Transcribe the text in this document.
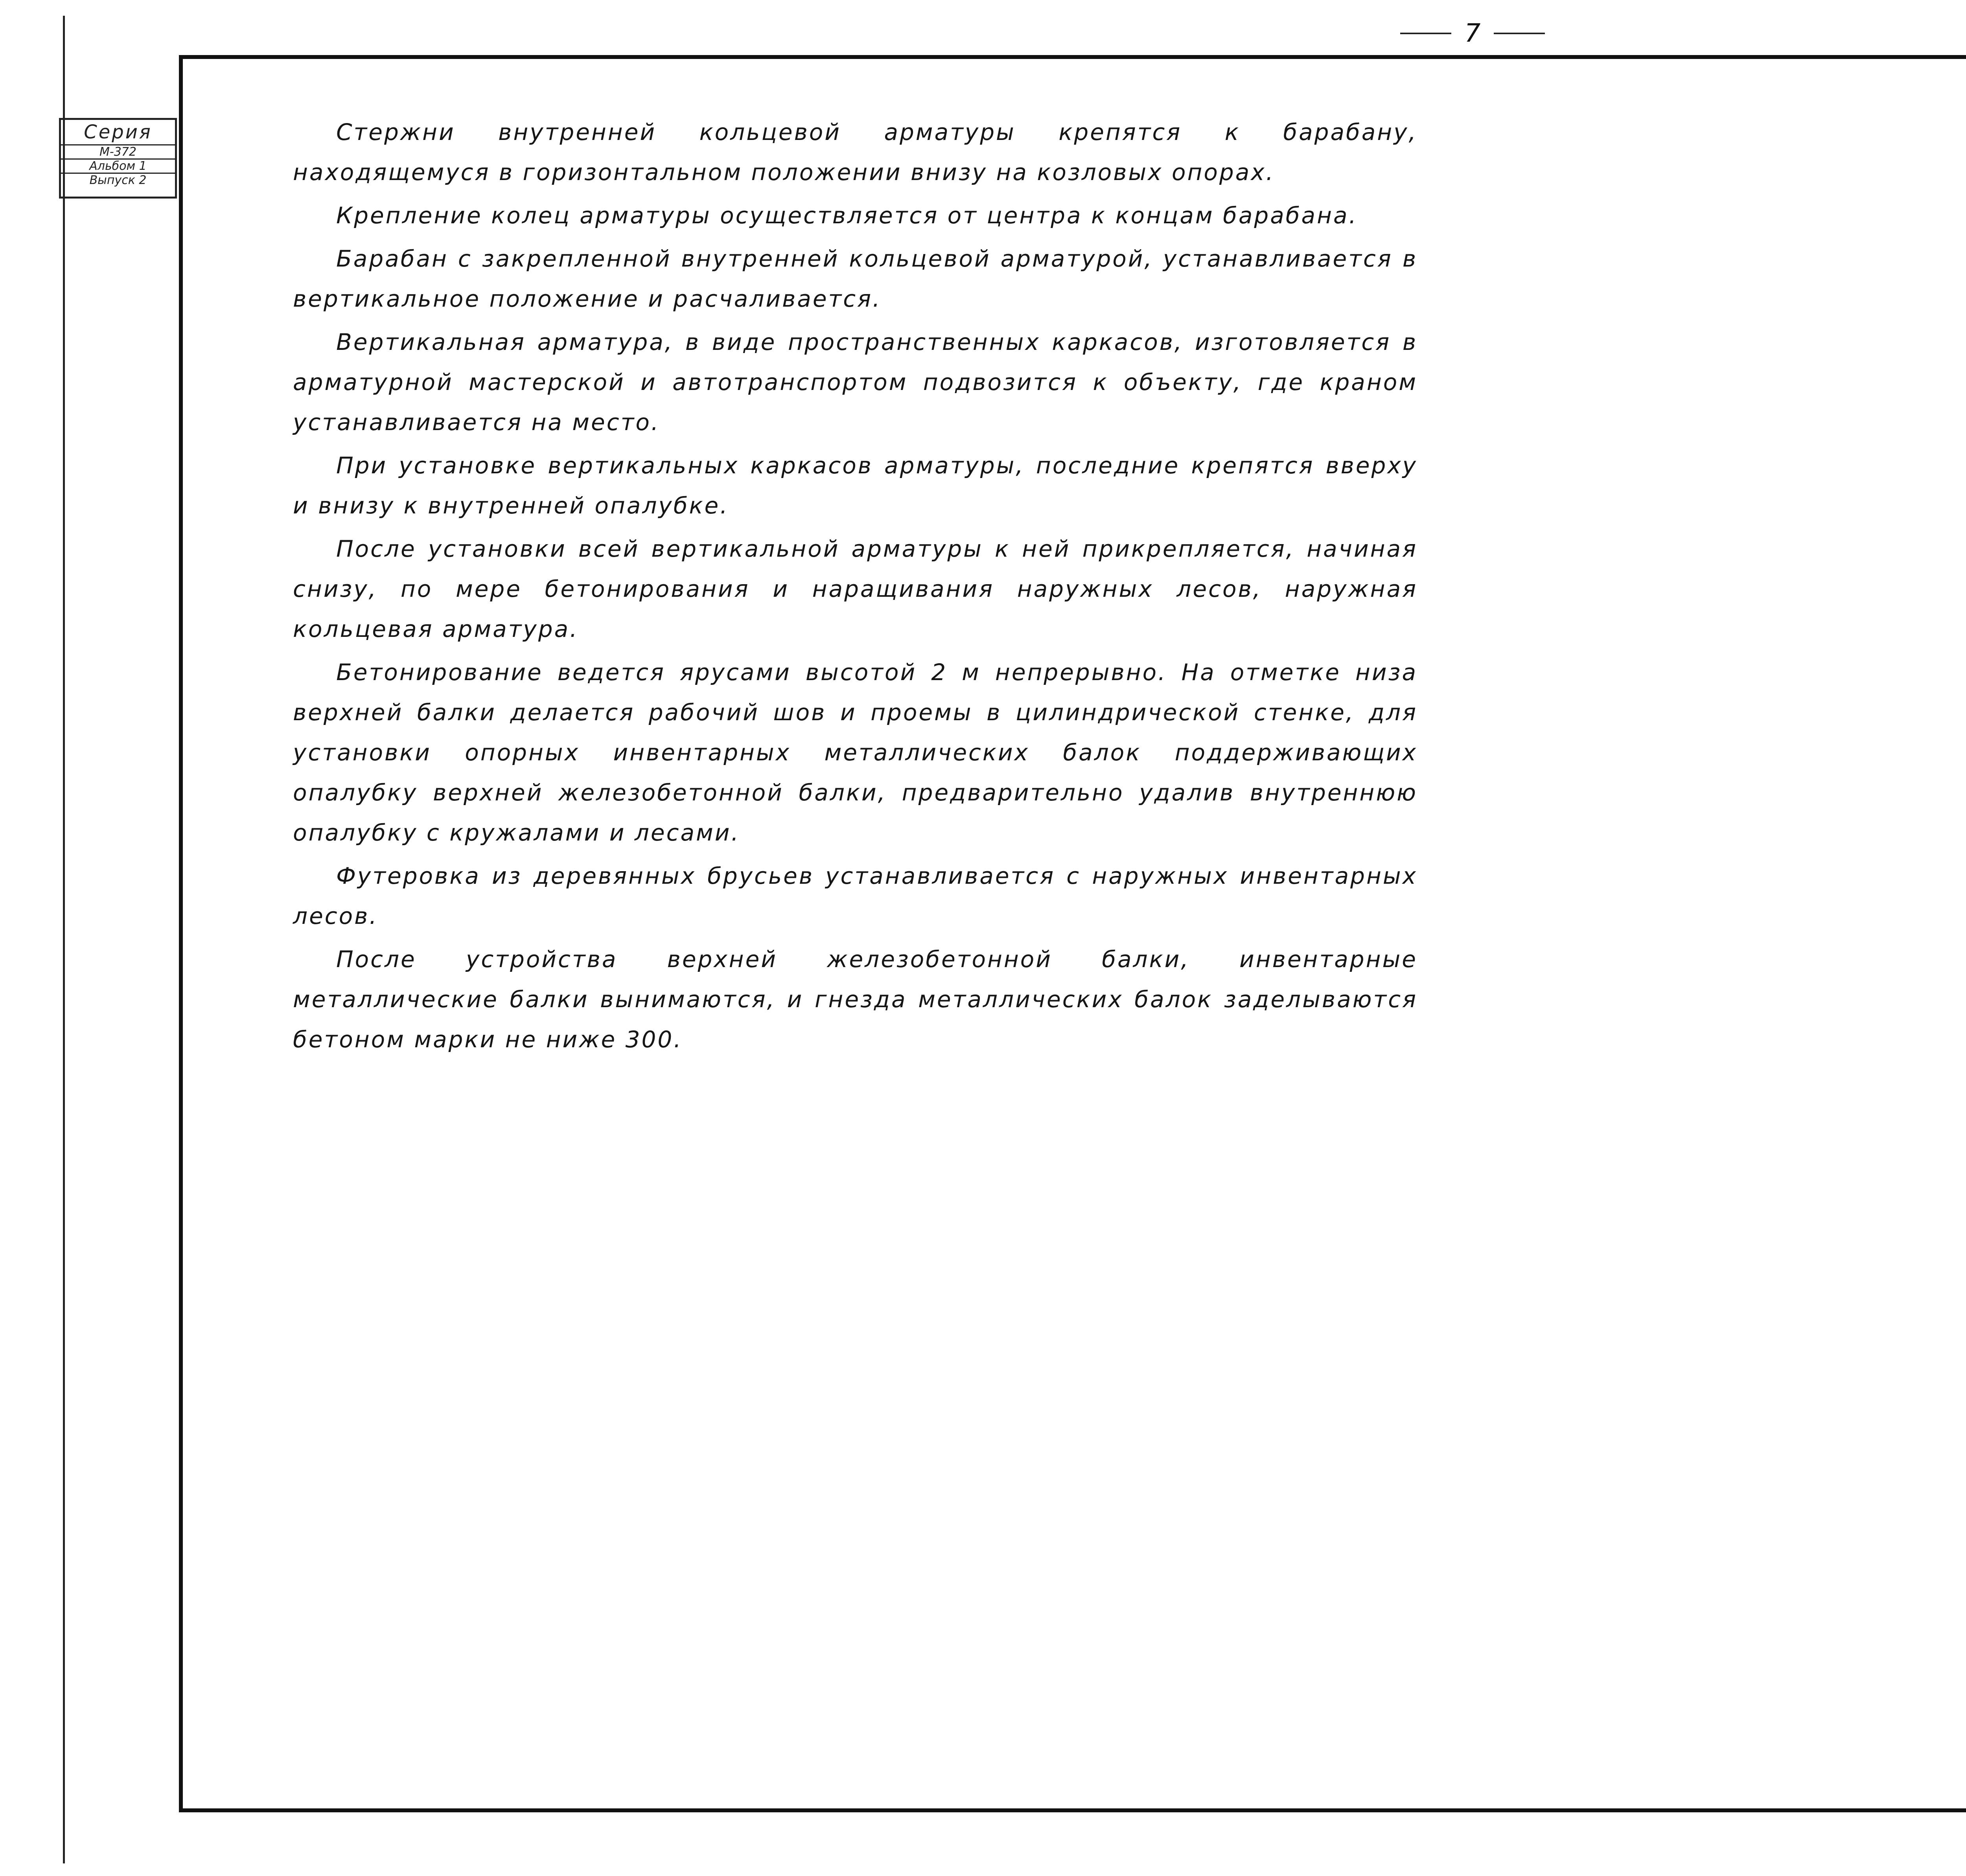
7
Серия
М-372
Альбом 1
Выпуск 2

Стержни внутренней кольцевой арматуры крепятся к барабану, находящемуся в горизонтальном положении внизу на козловых опорах.

Крепление колец арматуры осуществляется от центра к концам барабана.

Барабан с закрепленной внутренней кольцевой арматурой, устанавливается в вертикальное положение и расчаливается.

Вертикальная арматура, в виде пространственных каркасов, изготовляется в арматурной мастерской и автотранспортом подвозится к объекту, где краном устанавливается на место.

При установке вертикальных каркасов арматуры, последние крепятся вверху и внизу к внутренней опалубке.

После установки всей вертикальной арматуры к ней прикрепляется, начиная снизу, по мере бетонирования и наращивания наружных лесов, наружная кольцевая арматура.

Бетонирование ведется ярусами высотой 2 м непрерывно. На отметке низа верхней балки делается рабочий шов и проемы в цилиндрической стенке, для установки опорных инвентарных металлических балок поддерживающих опалубку верхней железобетонной балки, предварительно удалив внутреннюю опалубку с кружалами и лесами.

Футеровка из деревянных брусьев устанавливается с наружных инвентарных лесов.

После устройства верхней железобетонной балки, инвентарные металлические балки вынимаются, и гнезда металлических балок заделываются бетоном марки не ниже 300.
